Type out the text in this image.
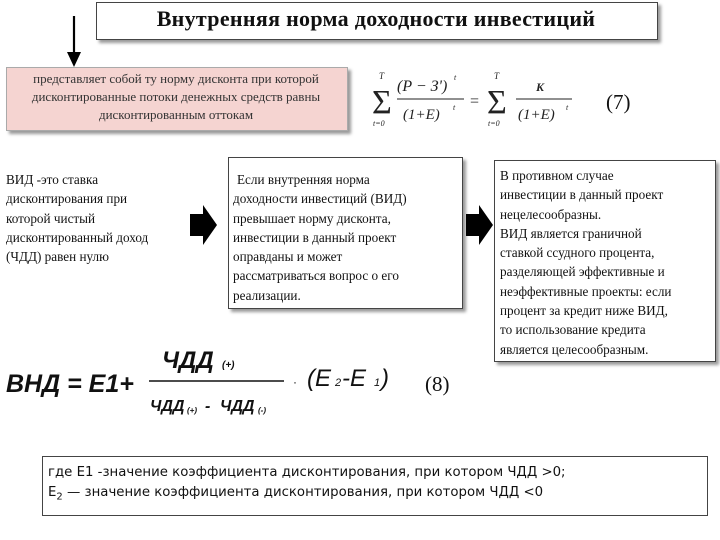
Внутренняя норма доходности инвестиций
представляет собой ту норму дисконта при которой дисконтированные потоки денежных средств равны дисконтированным оттокам
T
Σ
t=0
(P − З')
t
(1+E) t =
T
Σ
t=0
K
(1+E) t (7)
ВИД -это ставка
дисконтирования при
которой чистый
дисконтированный доход
(ЧДД) равен нулю
Если внутренняя норма
доходности инвестиций (ВИД)
превышает норму дисконта,
инвестиции в данный проект
оправданы и может
рассматриваться вопрос о его
реализации.
В противном случае
инвестиции в данный проект
нецелесообразны.
ВИД является граничной
ставкой ссудного процента,
разделяющей эффективные и
неэффективные проекты: если
процент за кредит ниже ВИД,
то использование кредита
является целесообразным.
ВНД = Е1+
ЧДД (+)
ЧДД (+) - ЧДД (-)
· (Е 2 -Е 1 ) (8)
где Е1 -значение коэффициента дисконтирования, при котором ЧДД >0;
$Е_2$ — значение коэффициента дисконтирования, при котором ЧДД <0
